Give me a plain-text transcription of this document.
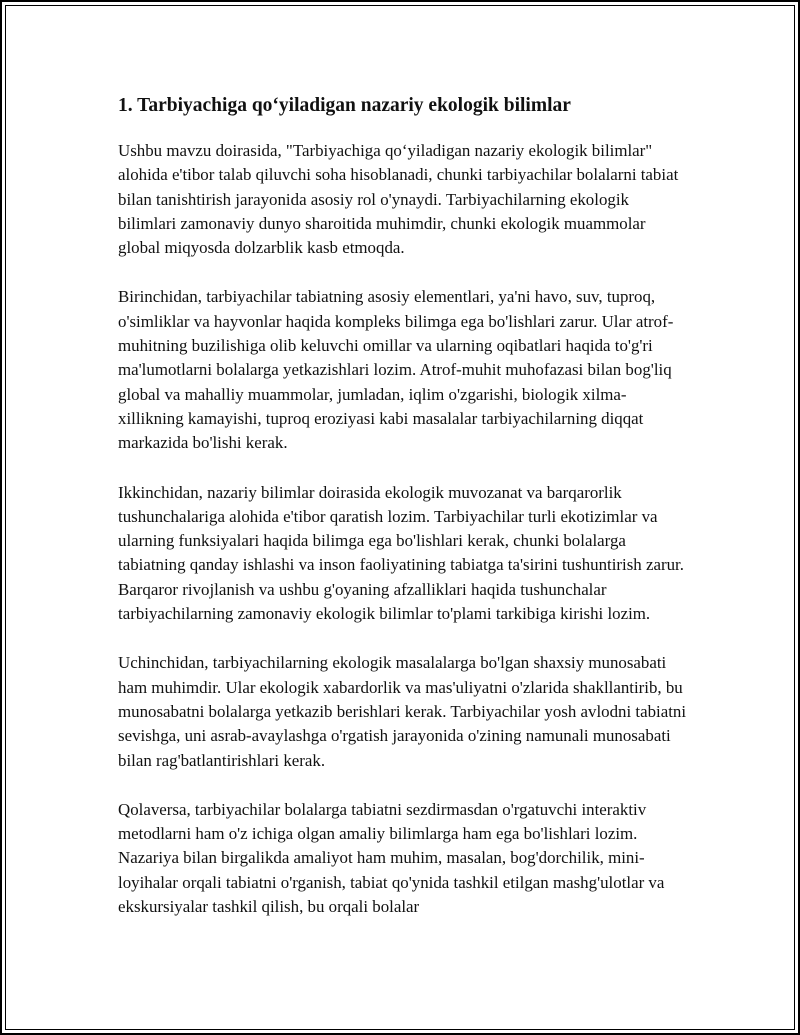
1. Tarbiyachiga qo‘yiladigan nazariy ekologik bilimlar

Ushbu mavzu doirasida, "Tarbiyachiga qo‘yiladigan nazariy ekologik bilimlar" alohida e'tibor talab qiluvchi soha hisoblanadi, chunki tarbiyachilar bolalarni tabiat bilan tanishtirish jarayonida asosiy rol o'ynaydi. Tarbiyachilarning ekologik bilimlari zamonaviy dunyo sharoitida muhimdir, chunki ekologik muammolar global miqyosda dolzarblik kasb etmoqda.

Birinchidan, tarbiyachilar tabiatning asosiy elementlari, ya'ni havo, suv, tuproq, o'simliklar va hayvonlar haqida kompleks bilimga ega bo'lishlari zarur. Ular atrof-muhitning buzilishiga olib keluvchi omillar va ularning oqibatlari haqida to'g'ri ma'lumotlarni bolalarga yetkazishlari lozim. Atrof-muhit muhofazasi bilan bog'liq global va mahalliy muammolar, jumladan, iqlim o'zgarishi, biologik xilma-xillikning kamayishi, tuproq eroziyasi kabi masalalar tarbiyachilarning diqqat markazida bo'lishi kerak.

Ikkinchidan, nazariy bilimlar doirasida ekologik muvozanat va barqarorlik tushunchalariga alohida e'tibor qaratish lozim. Tarbiyachilar turli ekotizimlar va ularning funksiyalari haqida bilimga ega bo'lishlari kerak, chunki bolalarga tabiatning qanday ishlashi va inson faoliyatining tabiatga ta'sirini tushuntirish zarur. Barqaror rivojlanish va ushbu g'oyaning afzalliklari haqida tushunchalar tarbiyachilarning zamonaviy ekologik bilimlar to'plami tarkibiga kirishi lozim.

Uchinchidan, tarbiyachilarning ekologik masalalarga bo'lgan shaxsiy munosabati ham muhimdir. Ular ekologik xabardorlik va mas'uliyatni o'zlarida shakllantirib, bu munosabatni bolalarga yetkazib berishlari kerak. Tarbiyachilar yosh avlodni tabiatni sevishga, uni asrab-avaylashga o'rgatish jarayonida o'zining namunali munosabati bilan rag'batlantirishlari kerak.

Qolaversa, tarbiyachilar bolalarga tabiatni sezdirmasdan o'rgatuvchi interaktiv metodlarni ham o'z ichiga olgan amaliy bilimlarga ham ega bo'lishlari lozim. Nazariya bilan birgalikda amaliyot ham muhim, masalan, bog'dorchilik, mini-loyihalar orqali tabiatni o'rganish, tabiat qo'ynida tashkil etilgan mashg'ulotlar va ekskursiyalar tashkil qilish, bu orqali bolalar
